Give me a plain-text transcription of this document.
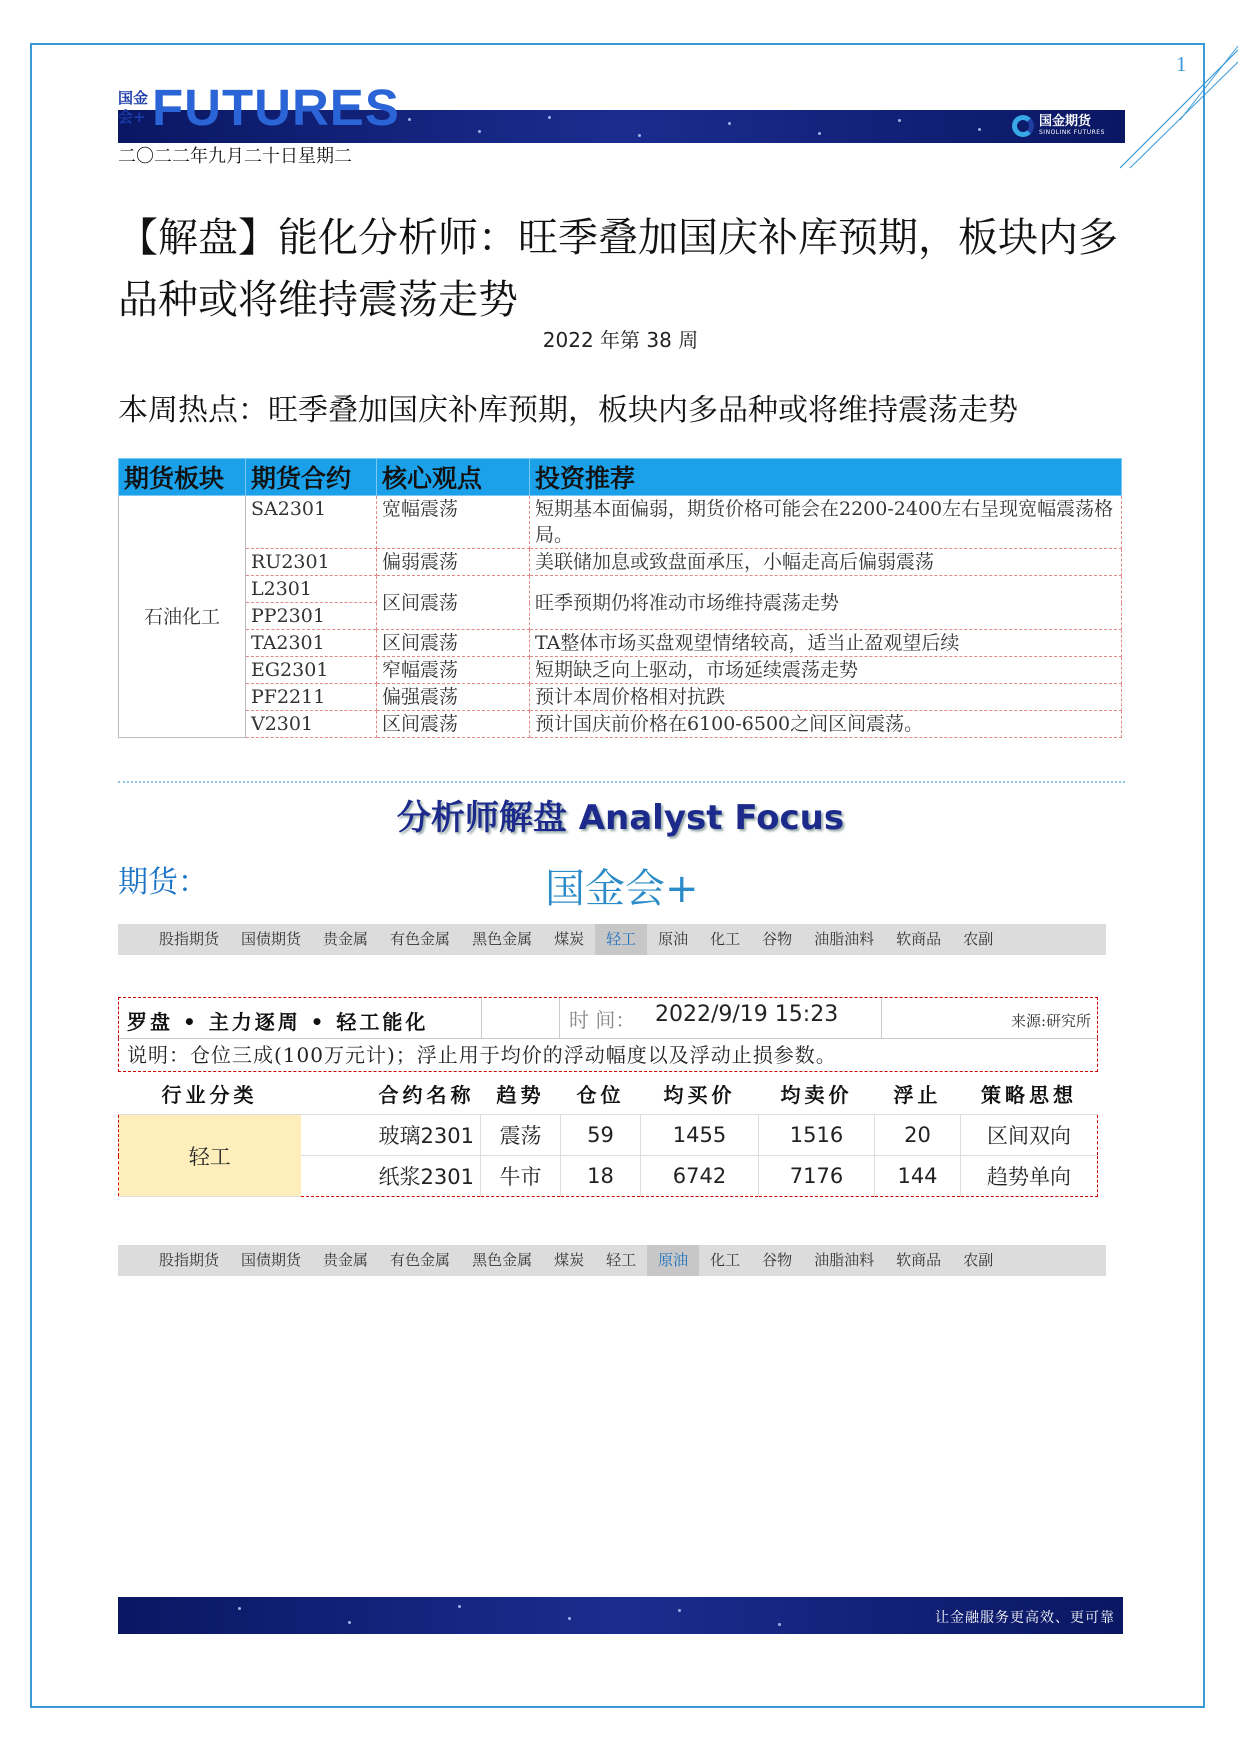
1
国金会+ FUTURES	国金期货
SINOLINK FUTURES
二〇二二年九月二十日星期二
【解盘】能化分析师：旺季叠加国庆补库预期，板块内多品种或将维持震荡走势
2022 年第 38 周
本周热点：旺季叠加国庆补库预期，板块内多品种或将维持震荡走势
期货板块	期货合约	核心观点	投资推荐
石油化工	SA2301	宽幅震荡	短期基本面偏弱，期货价格可能会在2200-2400左右呈现宽幅震荡格局。
	RU2301	偏弱震荡	美联储加息或致盘面承压，小幅走高后偏弱震荡
	L2301	区间震荡	旺季预期仍将准动市场维持震荡走势
	PP2301		
	TA2301	区间震荡	TA整体市场买盘观望情绪较高，适当止盈观望后续
	EG2301	窄幅震荡	短期缺乏向上驱动，市场延续震荡走势
	PF2211	偏强震荡	预计本周价格相对抗跌
	V2301	区间震荡	预计国庆前价格在6100-6500之间区间震荡。
分析师解盘 Analyst Focus
期货：	国金会+
股指期货	国债期货	贵金属	有色金属	黑色金属	煤炭	轻工	原油	化工	谷物	油脂油料	软商品	农副
罗盘 • 主力逐周 • 轻工能化	时 间： 2022/9/19 15:23	来源:研究所
说明：仓位三成(100万元计)；浮止用于均价的浮动幅度以及浮动止损参数。
行业分类	合约名称	趋势	仓位	均买价	均卖价	浮止	策略思想
轻工	玻璃2301	震荡	59	1455	1516	20	区间双向
	纸浆2301	牛市	18	6742	7176	144	趋势单向
股指期货	国债期货	贵金属	有色金属	黑色金属	煤炭	轻工	原油	化工	谷物	油脂油料	软商品	农副
让金融服务更高效、更可靠
